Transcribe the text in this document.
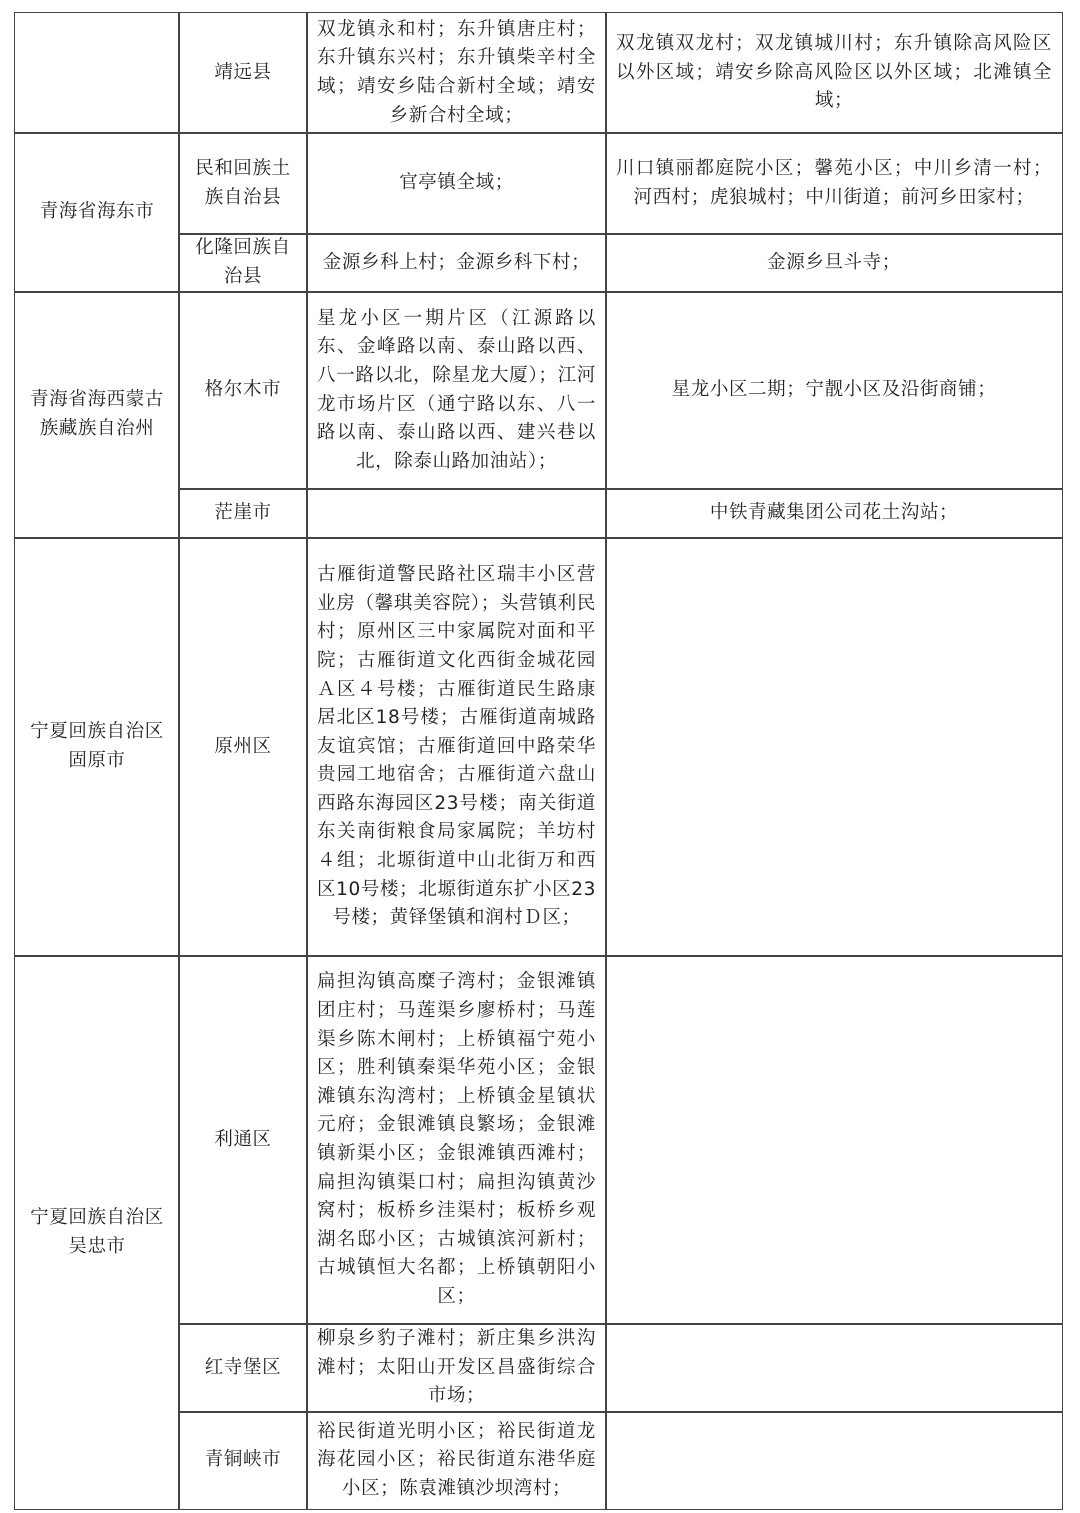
靖远县
双龙镇永和村；东升镇唐庄村；东升镇东兴村；东升镇柴辛村全域；靖安乡陆合新村全域；靖安乡新合村全域；
双龙镇双龙村；双龙镇城川村；东升镇除高风险区以外区域；靖安乡除高风险区以外区域；北滩镇全域；
青海省海东市
民和回族土族自治县
官亭镇全域；
川口镇丽都庭院小区；馨苑小区；中川乡清一村；河西村；虎狼城村；中川街道；前河乡田家村；
化隆回族自治县
金源乡科上村；金源乡科下村；	金源乡旦斗寺；
青海省海西蒙古族藏族自治州
格尔木市
星龙小区一期片区（江源路以东、金峰路以南、泰山路以西、八一路以北，除星龙大厦）；江河龙市场片区（通宁路以东、八一路以南、泰山路以西、建兴巷以北，除泰山路加油站）；
星龙小区二期；宁靓小区及沿街商铺；
茫崖市	中铁青藏集团公司花土沟站；
宁夏回族自治区固原市
原州区
古雁街道警民路社区瑞丰小区营业房（馨琪美容院）；头营镇利民村；原州区三中家属院对面和平院；古雁街道文化西街金城花园Ａ区４号楼；古雁街道民生路康居北区18号楼；古雁街道南城路友谊宾馆；古雁街道回中路荣华贵园工地宿舍；古雁街道六盘山西路东海园区23号楼；南关街道东关南街粮食局家属院；羊坊村４组；北塬街道中山北街万和西区10号楼；北塬街道东扩小区23号楼；黄铎堡镇和润村Ｄ区；
宁夏回族自治区吴忠市
利通区
扁担沟镇高糜子湾村；金银滩镇团庄村；马莲渠乡廖桥村；马莲渠乡陈木闸村；上桥镇福宁苑小区；胜利镇秦渠华苑小区；金银滩镇东沟湾村；上桥镇金星镇状元府；金银滩镇良繁场；金银滩镇新渠小区；金银滩镇西滩村；扁担沟镇渠口村；扁担沟镇黄沙窝村；板桥乡洼渠村；板桥乡观湖名邸小区；古城镇滨河新村；古城镇恒大名都；上桥镇朝阳小区；
红寺堡区
柳泉乡豹子滩村；新庄集乡洪沟滩村；太阳山开发区昌盛街综合市场；
青铜峡市
裕民街道光明小区；裕民街道龙海花园小区；裕民街道东港华庭小区；陈袁滩镇沙坝湾村；
